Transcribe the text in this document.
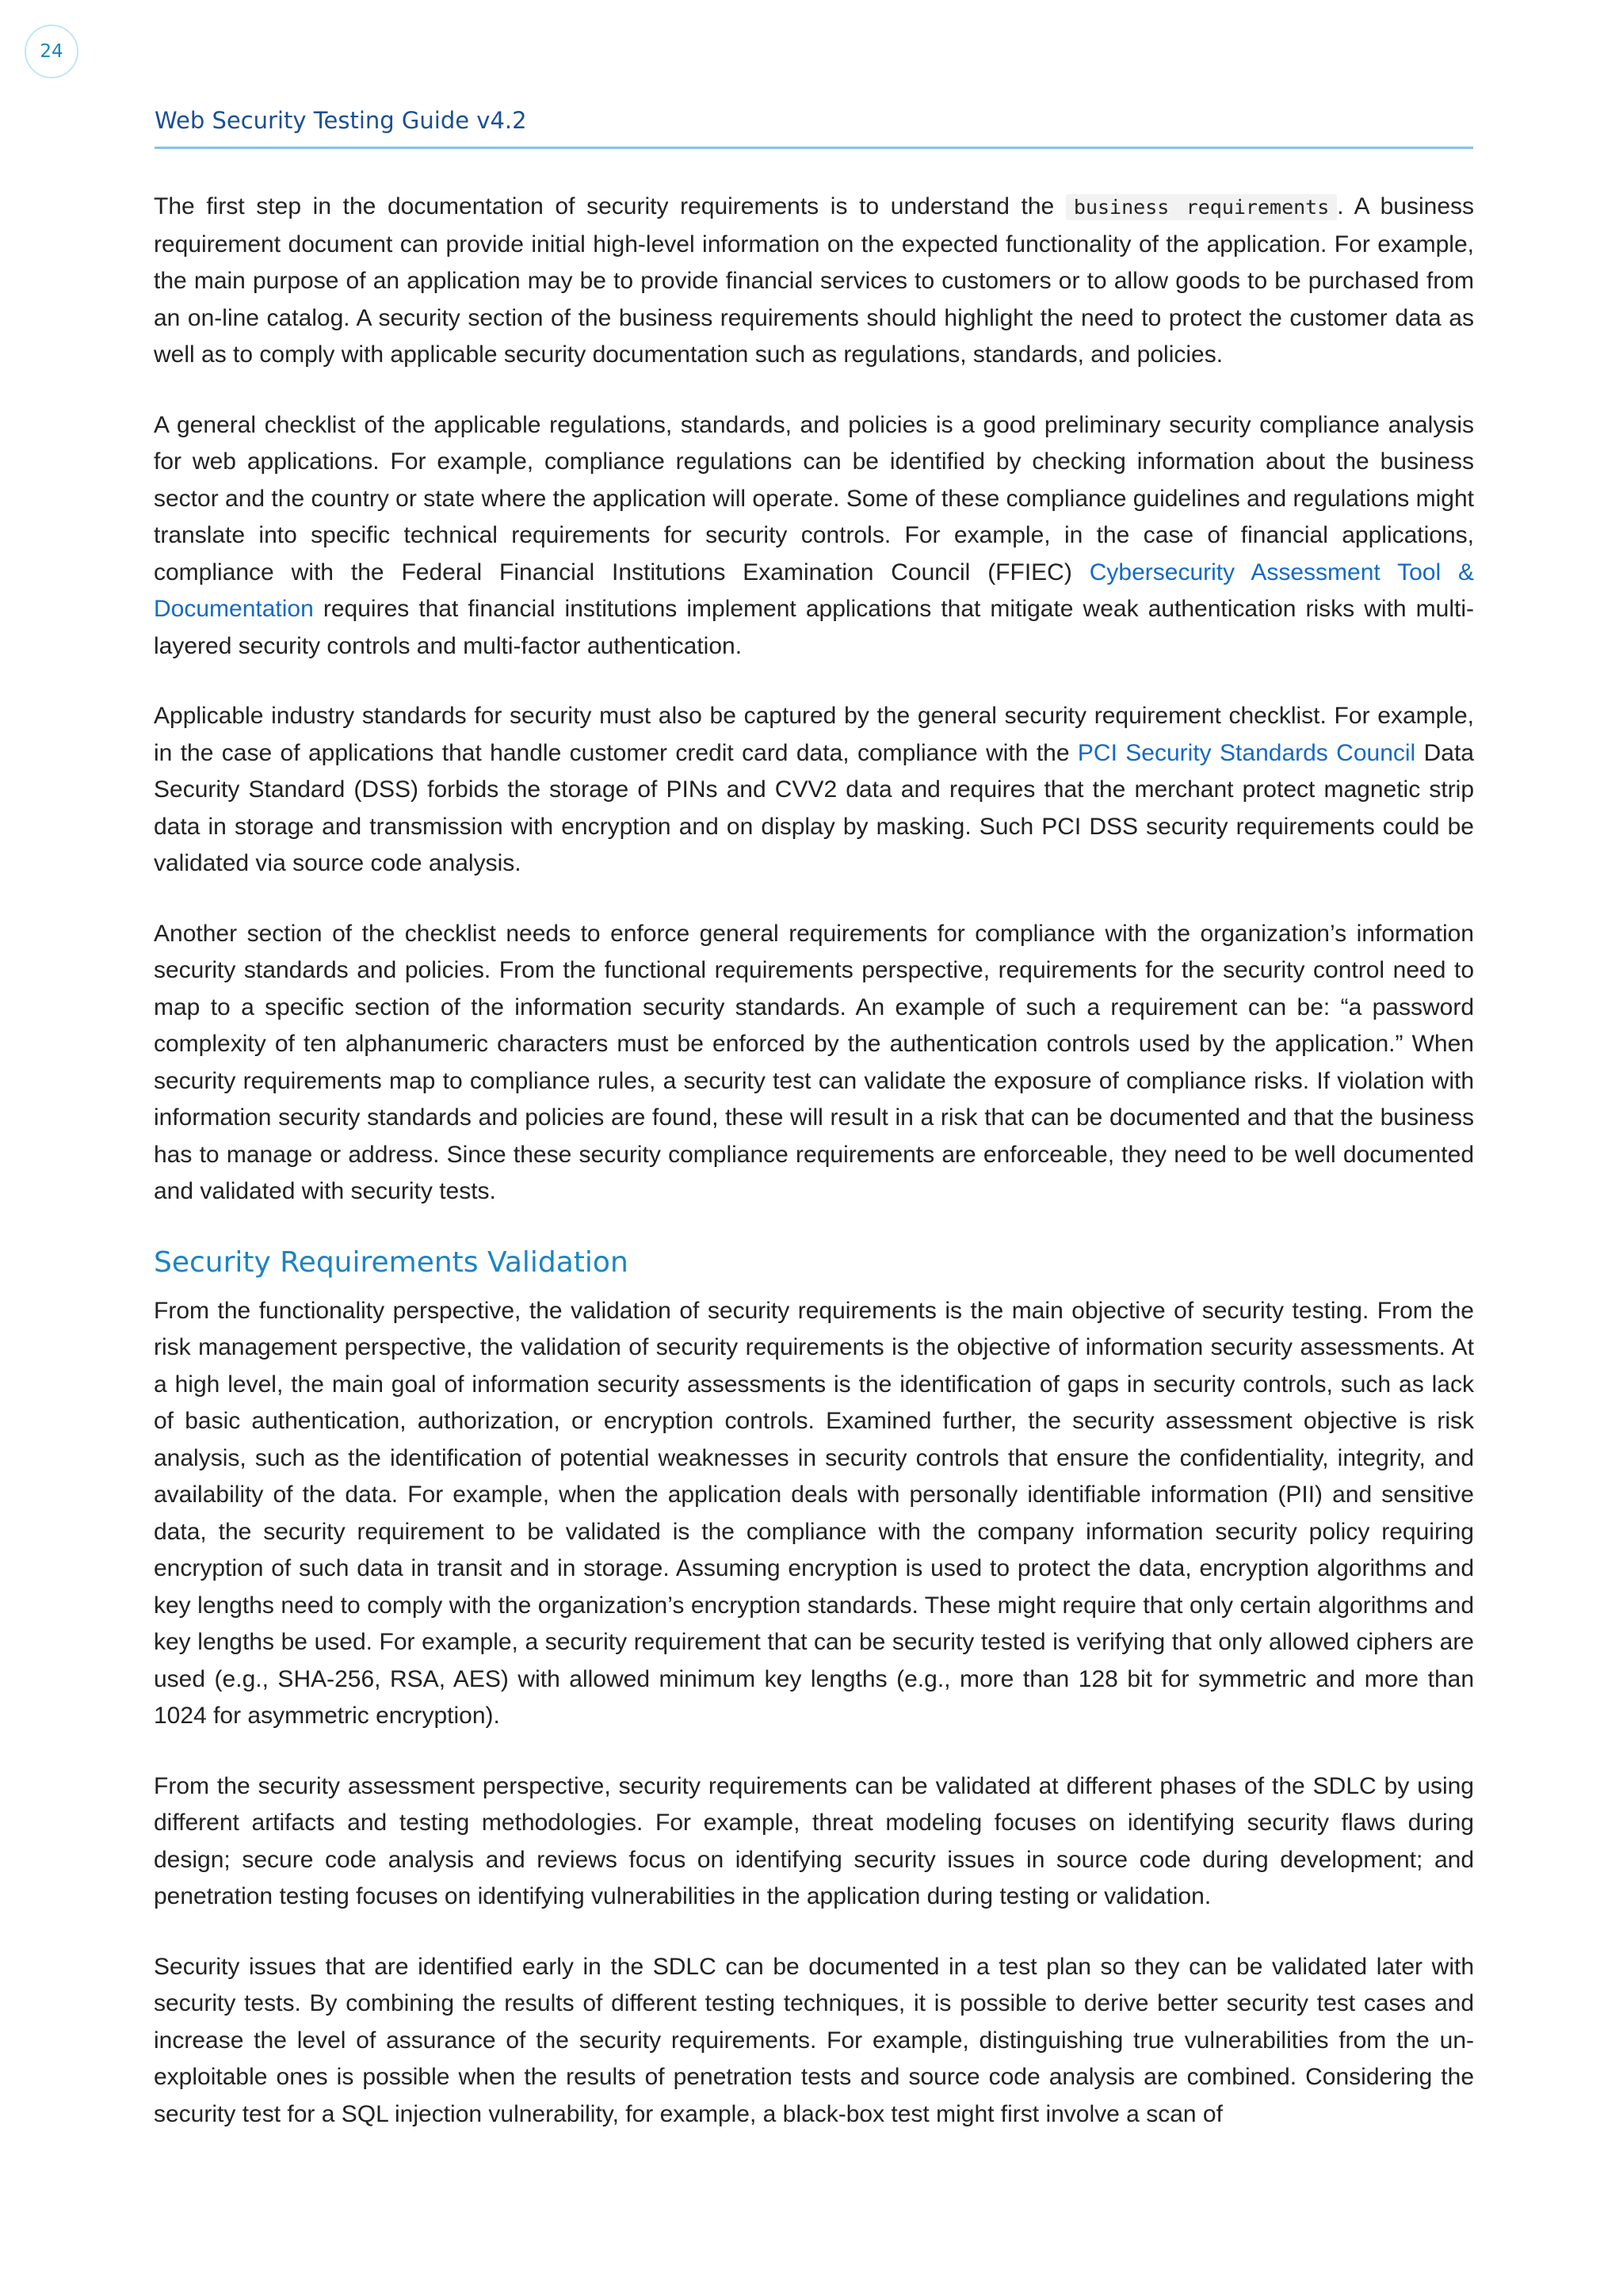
24
Web Security Testing Guide v4.2

The first step in the documentation of security requirements is to understand the business requirements . A business requirement document can provide initial high-level information on the expected functionality of the application. For example, the main purpose of an application may be to provide financial services to customers or to allow goods to be purchased from an on-line catalog. A security section of the business requirements should highlight the need to protect the customer data as well as to comply with applicable security documentation such as regulations, standards, and policies.

A general checklist of the applicable regulations, standards, and policies is a good preliminary security compliance analysis for web applications. For example, compliance regulations can be identified by checking information about the business sector and the country or state where the application will operate. Some of these compliance guidelines and regulations might translate into specific technical requirements for security controls. For example, in the case of financial applications, compliance with the Federal Financial Institutions Examination Council (FFIEC) Cybersecurity Assessment Tool & Documentation requires that financial institutions implement applications that mitigate weak authentication risks with multi-layered security controls and multi-factor authentication.

Applicable industry standards for security must also be captured by the general security requirement checklist. For example, in the case of applications that handle customer credit card data, compliance with the PCI Security Standards Council Data Security Standard (DSS) forbids the storage of PINs and CVV2 data and requires that the merchant protect magnetic strip data in storage and transmission with encryption and on display by masking. Such PCI DSS security requirements could be validated via source code analysis.

Another section of the checklist needs to enforce general requirements for compliance with the organization’s information security standards and policies. From the functional requirements perspective, requirements for the security control need to map to a specific section of the information security standards. An example of such a requirement can be: “a password complexity of ten alphanumeric characters must be enforced by the authentication controls used by the application.” When security requirements map to compliance rules, a security test can validate the exposure of compliance risks. If violation with information security standards and policies are found, these will result in a risk that can be documented and that the business has to manage or address. Since these security compliance requirements are enforceable, they need to be well documented and validated with security tests.

Security Requirements Validation

From the functionality perspective, the validation of security requirements is the main objective of security testing. From the risk management perspective, the validation of security requirements is the objective of information security assessments. At a high level, the main goal of information security assessments is the identification of gaps in security controls, such as lack of basic authentication, authorization, or encryption controls. Examined further, the security assessment objective is risk analysis, such as the identification of potential weaknesses in security controls that ensure the confidentiality, integrity, and availability of the data. For example, when the application deals with personally identifiable information (PII) and sensitive data, the security requirement to be validated is the compliance with the company information security policy requiring encryption of such data in transit and in storage. Assuming encryption is used to protect the data, encryption algorithms and key lengths need to comply with the organization’s encryption standards. These might require that only certain algorithms and key lengths be used. For example, a security requirement that can be security tested is verifying that only allowed ciphers are used (e.g., SHA-256, RSA, AES) with allowed minimum key lengths (e.g., more than 128 bit for symmetric and more than 1024 for asymmetric encryption).

From the security assessment perspective, security requirements can be validated at different phases of the SDLC by using different artifacts and testing methodologies. For example, threat modeling focuses on identifying security flaws during design; secure code analysis and reviews focus on identifying security issues in source code during development; and penetration testing focuses on identifying vulnerabilities in the application during testing or validation.

Security issues that are identified early in the SDLC can be documented in a test plan so they can be validated later with security tests. By combining the results of different testing techniques, it is possible to derive better security test cases and increase the level of assurance of the security requirements. For example, distinguishing true vulnerabilities from the un-exploitable ones is possible when the results of penetration tests and source code analysis are combined. Considering the security test for a SQL injection vulnerability, for example, a black-box test might first involve a scan of
